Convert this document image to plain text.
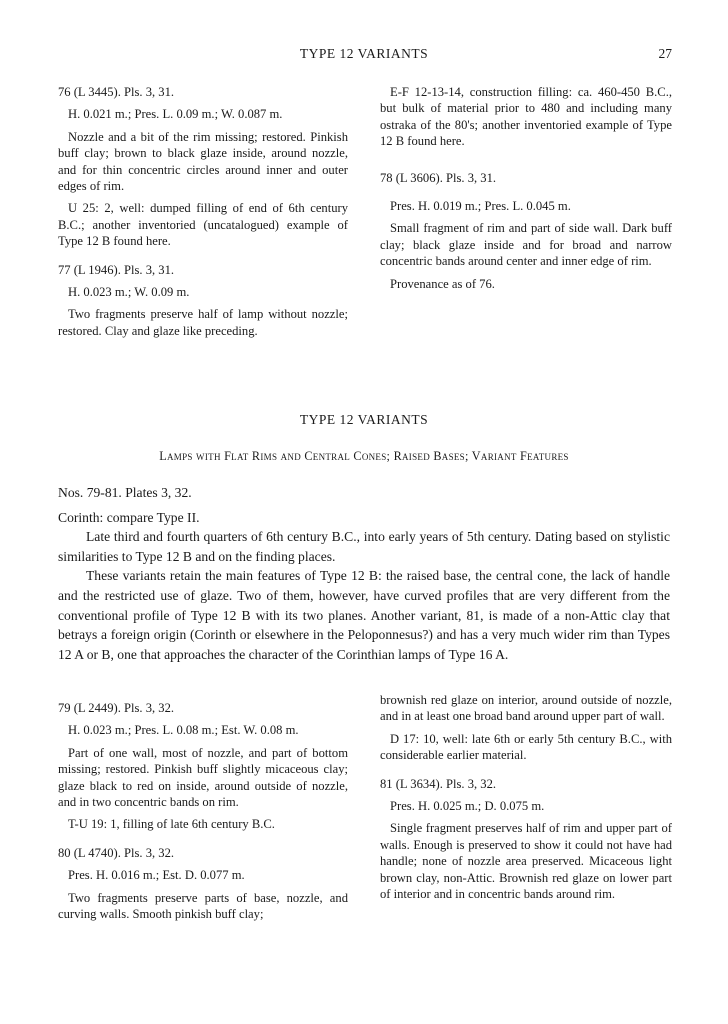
TYPE 12 VARIANTS	27

76 (L 3445). Pls. 3, 31.

H. 0.021 m.; Pres. L. 0.09 m.; W. 0.087 m.

Nozzle and a bit of the rim missing; restored. Pinkish buff clay; brown to black glaze inside, around nozzle, and for thin concentric circles around inner and outer edges of rim.

U 25: 2, well: dumped filling of end of 6th century B.C.; another inventoried (uncatalogued) example of Type 12 B found here.

77 (L 1946). Pls. 3, 31.

H. 0.023 m.; W. 0.09 m.

Two fragments preserve half of lamp without nozzle; restored. Clay and glaze like preceding.

E-F 12-13-14, construction filling: ca. 460-450 B.C., but bulk of material prior to 480 and including many ostraka of the 80's; another inventoried example of Type 12 B found here.

78 (L 3606). Pls. 3, 31.

Pres. H. 0.019 m.; Pres. L. 0.045 m.

Small fragment of rim and part of side wall. Dark buff clay; black glaze inside and for broad and narrow concentric bands around center and inner edge of rim.

Provenance as of 76.

TYPE 12 VARIANTS
Lamps with Flat Rims and Central Cones; Raised Bases; Variant Features

Nos. 79-81. Plates 3, 32.

Corinth: compare Type II.

Late third and fourth quarters of 6th century B.C., into early years of 5th century. Dating based on stylistic similarities to Type 12 B and on the finding places.

These variants retain the main features of Type 12 B: the raised base, the central cone, the lack of handle and the restricted use of glaze. Two of them, however, have curved profiles that are very different from the conventional profile of Type 12 B with its two planes. Another variant, 81, is made of a non-Attic clay that betrays a foreign origin (Corinth or elsewhere in the Peloponnesus?) and has a very much wider rim than Types 12 A or B, one that approaches the character of the Corinthian lamps of Type 16 A.

79 (L 2449). Pls. 3, 32.

H. 0.023 m.; Pres. L. 0.08 m.; Est. W. 0.08 m.

Part of one wall, most of nozzle, and part of bottom missing; restored. Pinkish buff slightly micaceous clay; glaze black to red on inside, around outside of nozzle, and in two concentric bands on rim.

T-U 19: 1, filling of late 6th century B.C.

80 (L 4740). Pls. 3, 32.

Pres. H. 0.016 m.; Est. D. 0.077 m.

Two fragments preserve parts of base, nozzle, and curving walls. Smooth pinkish buff clay;

brownish red glaze on interior, around outside of nozzle, and in at least one broad band around upper part of wall.

D 17: 10, well: late 6th or early 5th century B.C., with considerable earlier material.

81 (L 3634). Pls. 3, 32.

Pres. H. 0.025 m.; D. 0.075 m.

Single fragment preserves half of rim and upper part of walls. Enough is preserved to show it could not have had handle; none of nozzle area preserved. Micaceous light brown clay, non-Attic. Brownish red glaze on lower part of interior and in concentric bands around rim.
